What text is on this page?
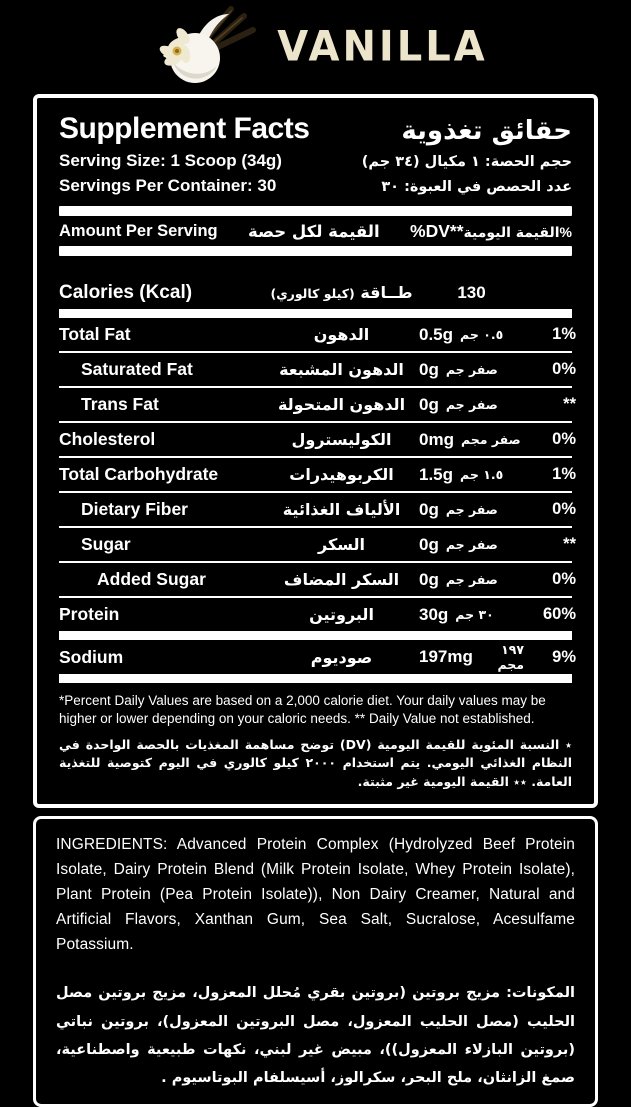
VANILLA
Supplement Facts	حقائق تغذوية
Serving Size: 1 Scoop (34g)	حجم الحصة: ١ مكيال (٣٤ جم)
Servings Per Container: 30	عدد الحصص في العبوة: ٣٠
Amount Per Serving	القيمة لكل حصة	%DV** القيمة اليومية %
Calories (Kcal)	طــاقة (كيلو كالوري)	130
Total Fat	الدهون	0.5g ٠.٥ جم	1%
Saturated Fat	الدهون المشبعة 0g صفر جم	0%
Trans Fat	الدهون المتحولة 0g صفر جم	**
Cholesterol	الكوليسترول	0mg صفر مجم	0%
Total Carbohydrate	الكربوهيدرات	1.5g ١.٥ جم	1%
Dietary Fiber	الألياف الغذائية	0g صفر جم	0%
Sugar	السكر	0g صفر جم	**
Added Sugar	السكر المضاف	0g صفر جم	0%
Protein	البروتين	30g ٣٠ جم	60%
Sodium	صوديوم	197mg	١٩٧ مجم	9%
*Percent Daily Values are based on a 2,000 calorie diet. Your daily values may be higher or lower depending on your caloric needs. ** Daily Value not established.
٭ النسبة المئوية للقيمة اليومية (DV) توضح مساهمة المغذيات بالحصة الواحدة في النظام الغذائي اليومي. يتم استخدام ٢٠٠٠ كيلو كالوري في اليوم كتوصية للتغذية العامة. ٭٭ القيمة اليومية غير مثبتة.

INGREDIENTS: Advanced Protein Complex (Hydrolyzed Beef Protein Isolate, Dairy Protein Blend (Milk Protein Isolate, Whey Protein Isolate), Plant Protein (Pea Protein Isolate)), Non Dairy Creamer, Natural and Artificial Flavors, Xanthan Gum, Sea Salt, Sucralose, Acesulfame Potassium.

المكونات: مزيج بروتين (بروتين بقري مُحلل المعزول، مزيج بروتين مصل الحليب (مصل الحليب المعزول، مصل البروتين المعزول)، بروتين نباتي (بروتين البازلاء المعزول))، مبيض غير لبني، نكهات طبيعية واصطناعية، صمغ الزانثان، ملح البحر، سكرالوز، أسيسلفام البوتاسيوم .
